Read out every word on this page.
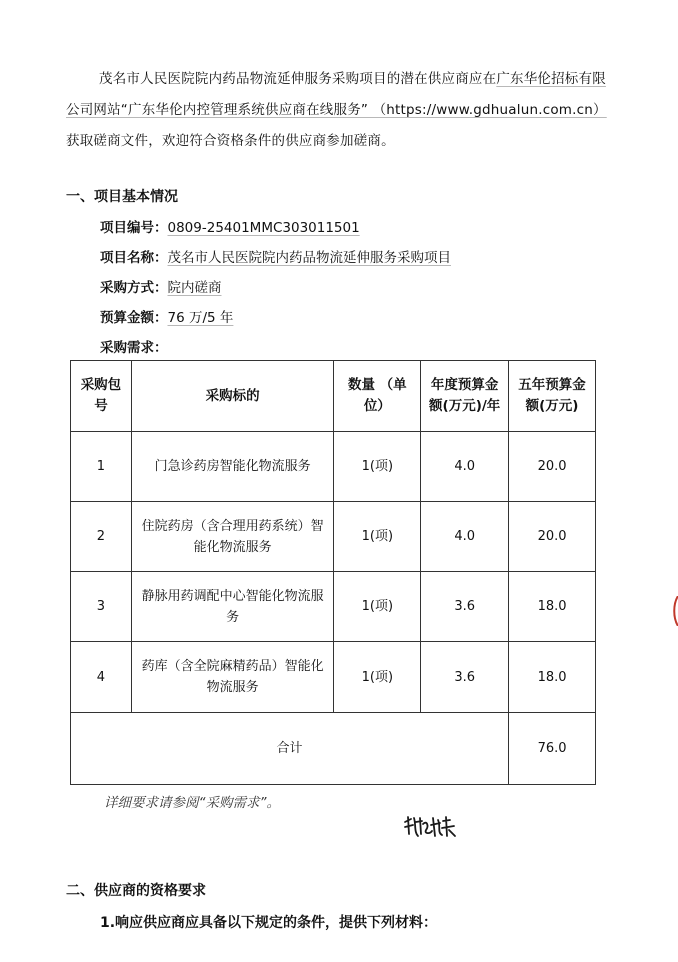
茂名市人民医院院内药品物流延伸服务采购项目的潜在供应商应在广东华伦招标有限公司网站“广东华伦内控管理系统供应商在线服务” （https://www.gdhualun.com.cn）获取磋商文件，欢迎符合资格条件的供应商参加磋商。
一、项目基本情况
项目编号：0809-25401MMC303011501
项目名称：茂名市人民医院院内药品物流延伸服务采购项目
采购方式：院内磋商
预算金额：76 万/5 年
采购需求：
采购包号	采购标的	数量 （单位）	年度预算金额(万元)/年	五年预算金额(万元)
1	门急诊药房智能化物流服务	1(项)	4.0	20.0
2	住院药房（含合理用药系统）智能化物流服务	1(项)	4.0	20.0
3	静脉用药调配中心智能化物流服务	1(项)	3.6	18.0
4	药库（含全院麻精药品）智能化物流服务	1(项)	3.6	18.0
合计				76.0
详细要求请参阅“采购需求”。
二、供应商的资格要求
1.响应供应商应具备以下规定的条件，提供下列材料：
